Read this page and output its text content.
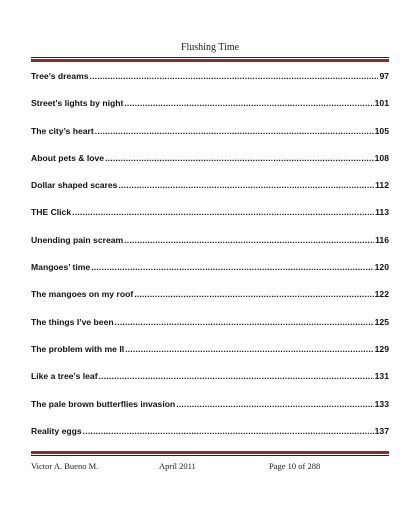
Flushing Time
Tree’s dreams .....	97
Street’s lights by night .....	101
The city’s heart .....	105
About pets & love .....	108
Dollar shaped scares .....	112
THE Click .....	113
Unending pain scream .....	116
Mangoes’ time .....	120
The mangoes on my roof .....	122
The things I’ve been .....	125
The problem with me II .....	129
Like a tree’s leaf .....	131
The pale brown butterflies invasion .....	133
Reality eggs .....	137
Victor A. Bueno M.	April 2011	Page 10 of 288
